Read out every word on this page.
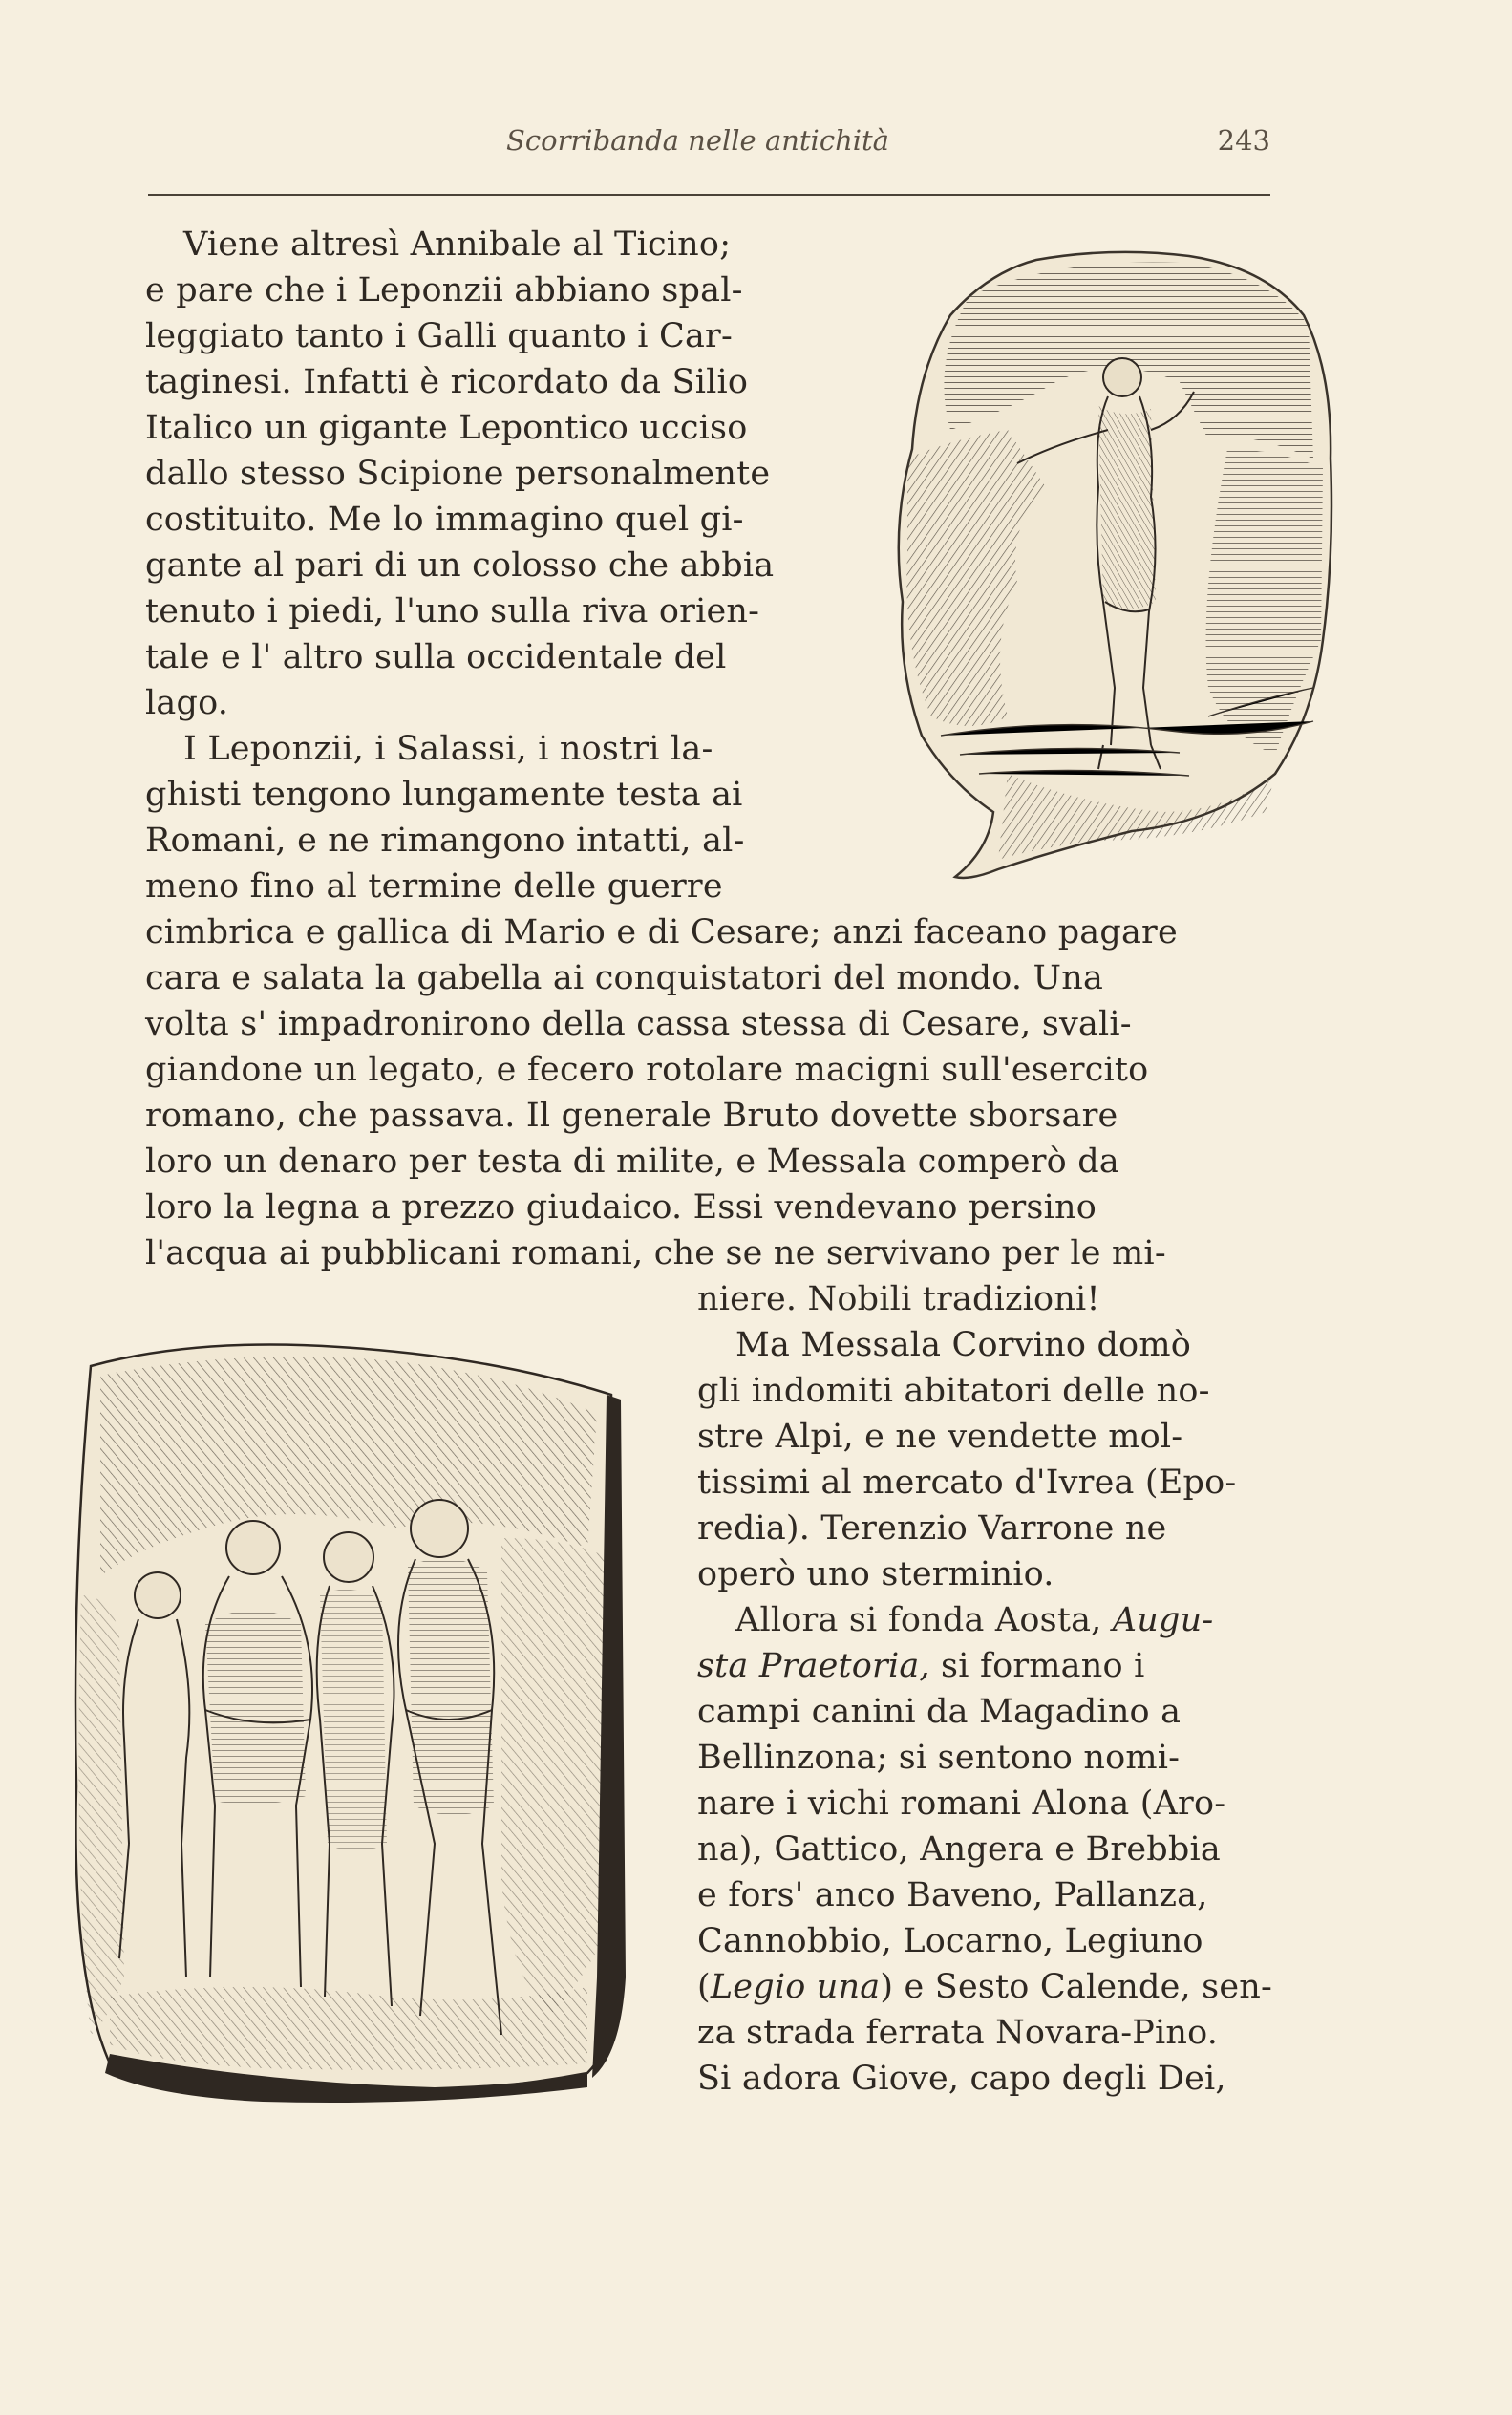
Scorribanda nelle antichità	243
Viene altresì Annibale al Ticino;
e pare che i Leponzii abbiano spal-
leggiato tanto i Galli quanto i Car-
taginesi. Infatti è ricordato da Silio
Italico un gigante Lepontico ucciso
dallo stesso Scipione personalmente
costituito. Me lo immagino quel gi-
gante al pari di un colosso che abbia
tenuto i piedi, l'uno sulla riva orien-
tale e l' altro sulla occidentale del
lago.
I Leponzii, i Salassi, i nostri la-
ghisti tengono lungamente testa ai
Romani, e ne rimangono intatti, al-
meno fino al termine delle guerre
cimbrica e gallica di Mario e di Cesare; anzi faceano pagare
cara e salata la gabella ai conquistatori del mondo. Una
volta s' impadronirono della cassa stessa di Cesare, svali-
giandone un legato, e fecero rotolare macigni sull'esercito
romano, che passava. Il generale Bruto dovette sborsare
loro un denaro per testa di milite, e Messala comperò da
loro la legna a prezzo giudaico. Essi vendevano persino
l'acqua ai pubblicani romani, che se ne servivano per le mi-
niere. Nobili tradizioni!
Ma Messala Corvino domò
gli indomiti abitatori delle no-
stre Alpi, e ne vendette mol-
tissimi al mercato d'Ivrea (Epo-
redia). Terenzio Varrone ne
operò uno sterminio.
Allora si fonda Aosta, Augu-
sta Praetoria, si formano i
campi canini da Magadino a
Bellinzona; si sentono nomi-
nare i vichi romani Alona (Aro-
na), Gattico, Angera e Brebbia
e fors' anco Baveno, Pallanza,
Cannobbio, Locarno, Legiuno
(Legio una) e Sesto Calende, sen-
za strada ferrata Novara-Pino.
Si adora Giove, capo degli Dei,
